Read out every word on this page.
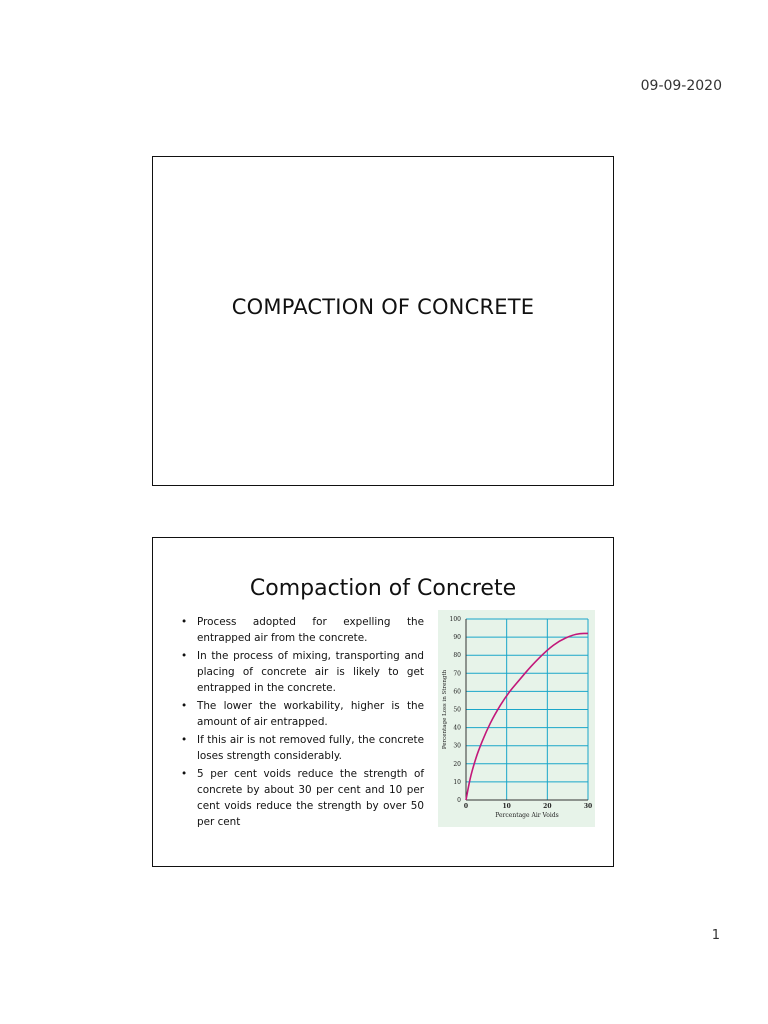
09-09-2020
COMPACTION OF CONCRETE
Compaction of Concrete
• Process adopted for expelling the entrapped air from the concrete.
• In the process of mixing, transporting and placing of concrete air is likely to get entrapped in the concrete.
• The lower the workability, higher is the amount of air entrapped.
• If this air is not removed fully, the concrete loses strength considerably.
• 5 per cent voids reduce the strength of concrete by about 30 per cent and 10 per cent voids reduce the strength by over 50 per cent
0
10
20
30
40
50
60
70
80
90
100
0	10	20	30
Percentage Air Voids
Percentage Loss in Strength
1
